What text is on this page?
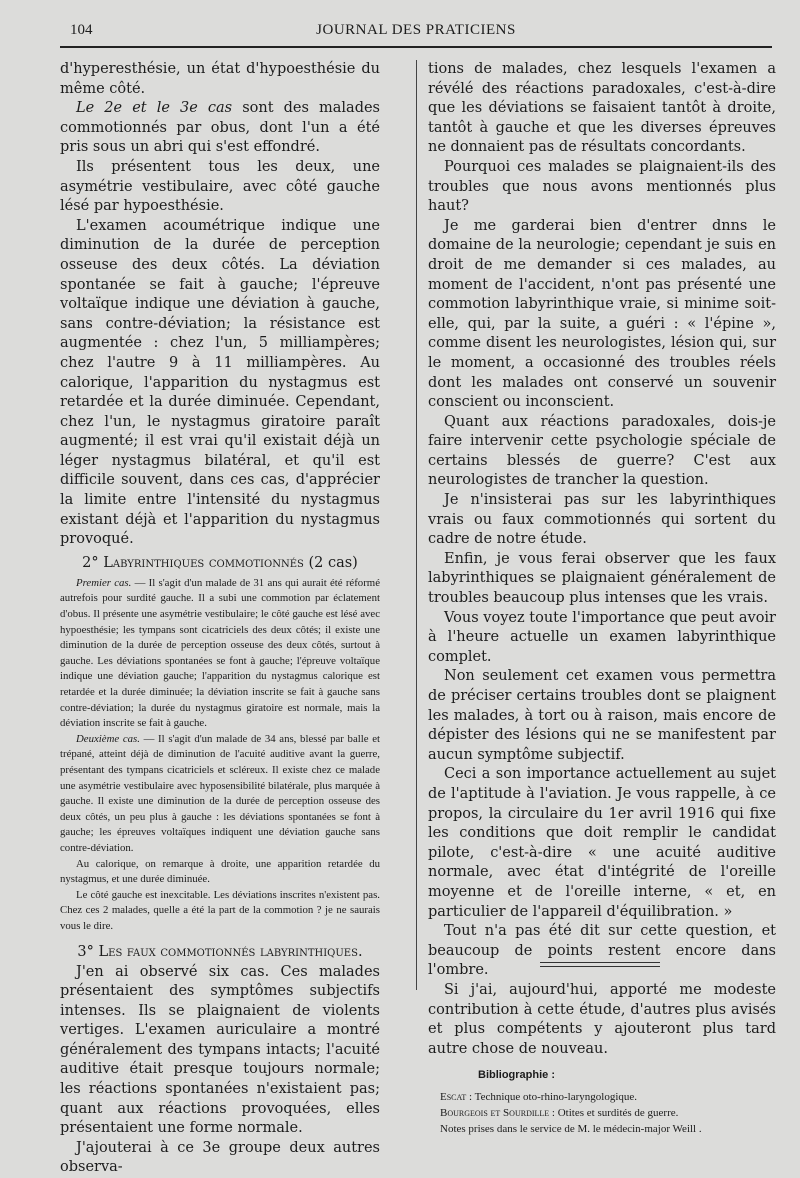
104	JOURNAL DES PRATICIENS

d'hyperesthésie, un état d'hypoesthésie du même côté.

Le 2e et le 3e cas sont des malades commotionnés par obus, dont l'un a été pris sous un abri qui s'est effondré.

Ils présentent tous les deux, une asymétrie vestibulaire, avec côté gauche lésé par hypoesthésie.

L'examen acoumétrique indique une diminution de la durée de perception osseuse des deux côtés. La déviation spontanée se fait à gauche; l'épreuve voltaïque indique une déviation à gauche, sans contre-déviation; la résistance est augmentée : chez l'un, 5 milliampères; chez l'autre 9 à 11 milliampères. Au calorique, l'apparition du nystagmus est retardée et la durée diminuée. Cependant, chez l'un, le nystagmus giratoire paraît augmenté; il est vrai qu'il existait déjà un léger nystagmus bilatéral, et qu'il est difficile souvent, dans ces cas, d'apprécier la limite entre l'intensité du nystagmus existant déjà et l'apparition du nystagmus provoqué.

2° Labyrinthiques commotionnés (2 cas)

Premier cas. — Il s'agit d'un malade de 31 ans qui aurait été réformé autrefois pour surdité gauche. Il a subi une commotion par éclatement d'obus. Il présente une asymétrie vestibulaire; le côté gauche est lésé avec hypoesthésie; les tympans sont cicatriciels des deux côtés; il existe une diminution de la durée de perception osseuse des deux côtés, surtout à gauche. Les déviations spontanées se font à gauche; l'épreuve voltaïque indique une déviation gauche; l'apparition du nystagmus calorique est retardée et la durée diminuée; la déviation inscrite se fait à gauche sans contre-déviation; la durée du nystagmus giratoire est normale, mais la déviation inscrite se fait à gauche.

Deuxième cas. — Il s'agit d'un malade de 34 ans, blessé par balle et trépané, atteint déjà de diminution de l'acuité auditive avant la guerre, présentant des tympans cicatriciels et scléreux. Il existe chez ce malade une asymétrie vestibulaire avec hyposensibilité bilatérale, plus marquée à gauche. Il existe une diminution de la durée de perception osseuse des deux côtés, un peu plus à gauche : les déviations spontanées se font à gauche; les épreuves voltaïques indiquent une déviation gauche sans contre-déviation.

Au calorique, on remarque à droite, une apparition retardée du nystagmus, et une durée diminuée.

Le côté gauche est inexcitable. Les déviations inscrites n'existent pas. Chez ces 2 malades, quelle a été la part de la commotion ? je ne saurais vous le dire.

3° Les faux commotionnés labyrinthiques.

J'en ai observé six cas. Ces malades présentaient des symptômes subjectifs intenses. Ils se plaignaient de violents vertiges. L'examen auriculaire a montré généralement des tympans intacts; l'acuité auditive était presque toujours normale; les réactions spontanées n'existaient pas; quant aux réactions provoquées, elles présentaient une forme normale.

J'ajouterai à ce 3e groupe deux autres observa-

tions de malades, chez lesquels l'examen a révélé des réactions paradoxales, c'est-à-dire que les déviations se faisaient tantôt à droite, tantôt à gauche et que les diverses épreuves ne donnaient pas de résultats concordants.

Pourquoi ces malades se plaignaient-ils des troubles que nous avons mentionnés plus haut?

Je me garderai bien d'entrer dnns le domaine de la neurologie; cependant je suis en droit de me demander si ces malades, au moment de l'accident, n'ont pas présenté une commotion labyrinthique vraie, si minime soit-elle, qui, par la suite, a guéri : « l'épine », comme disent les neurologistes, lésion qui, sur le moment, a occasionné des troubles réels dont les malades ont conservé un souvenir conscient ou inconscient.

Quant aux réactions paradoxales, dois-je faire intervenir cette psychologie spéciale de certains blessés de guerre? C'est aux neurologistes de trancher la question.

Je n'insisterai pas sur les labyrinthiques vrais ou faux commotionnés qui sortent du cadre de notre étude.

Enfin, je vous ferai observer que les faux labyrinthiques se plaignaient généralement de troubles beaucoup plus intenses que les vrais.

Vous voyez toute l'importance que peut avoir à l'heure actuelle un examen labyrinthique complet.

Non seulement cet examen vous permettra de préciser certains troubles dont se plaignent les malades, à tort ou à raison, mais encore de dépister des lésions qui ne se manifestent par aucun symptôme subjectif.

Ceci a son importance actuellement au sujet de l'aptitude à l'aviation. Je vous rappelle, à ce propos, la circulaire du 1er avril 1916 qui fixe les conditions que doit remplir le candidat pilote, c'est-à-dire « une acuité auditive normale, avec état d'intégrité de l'oreille moyenne et de l'oreille interne, « et, en particulier de l'appareil d'équilibration. »

Tout n'a pas été dit sur cette question, et beaucoup de points restent encore dans l'ombre.

Si j'ai, aujourd'hui, apporté me modeste contribution à cette étude, d'autres plus avisés et plus compétents y ajouteront plus tard autre chose de nouveau.

Bibliographie :
Escat : Technique oto-rhino-laryngologique.
Bourgeois et Sourdille : Otites et surdités de guerre.
Notes prises dans le service de M. le médecin-major Weill .
